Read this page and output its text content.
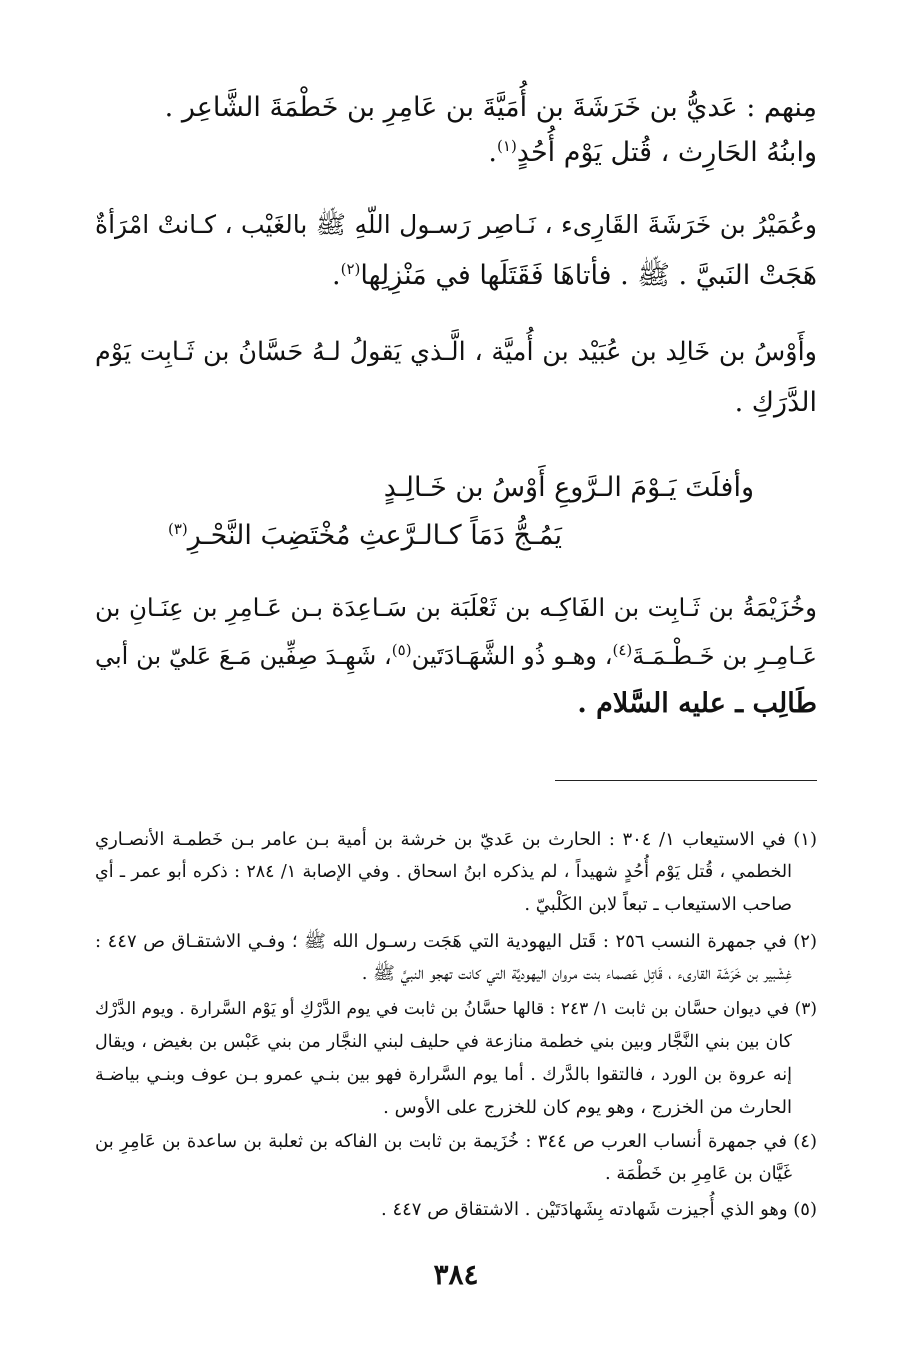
مِنهم : عَديُّ بن خَرَشَةَ بن أُمَيَّةَ بن عَامِرِ بن خَطْمَةَ الشَّاعِر .
وابنُهُ الحَارِث ، قُتل يَوْم أُحُدٍ$^{(١)}$.
وعُمَيْرُ بن خَرَشَةَ القَارِىء ، نَـاصِر رَسـول اللّهِ ﷺ بالغَيْب ، كـانتْ امْرَأةٌ
هَجَتْ النَبيَّ . ﷺ . فأتاهَا فَقَتَلَها في مَنْزِلِها$^{(٢)}$.
وأَوْسُ بن خَالِد بن عُبَيْد بن أُميَّة ، الَّـذي يَقولُ لـهُ حَسَّانُ بن ثَـابِت يَوْم
الدَّرَكِ .
وأفلَتَ يَـوْمَ الـرَّوعِ أَوْسُ بن خَـالِـدٍ
يَمُـجُّ دَمَاً كـالـرَّعثِ مُخْتَضِبَ النَّحْـرِ$^{(٣)}$
وخُزَيْمَةُ بن ثَـابِت بن الفَاكِـه بن ثَعْلَبَة بن سَـاعِدَة بـن عَـامِرِ بن عِنَـانِ بن
عَـامِـرِ بن خَـطْـمَـةَ$^{(٤)}$، وهـو ذُو الشَّهَـادَتَين$^{(٥)}$، شَهِـدَ صِفِّين مَـعَ عَليّ بن أبي
طَالِب ـ عليه السَّلام .
(١) في الاستيعاب ١/ ٣٠٤ : الحارث بن عَديّ بن خرشة بن أمية بـن عامر بـن خَطمـة الأنصـاري
الخطمي ، قُتل يَوْم أُحُدٍ شهيداً ، لم يذكره ابنُ اسحاق . وفي الإصابة ١/ ٢٨٤ : ذكره أبو عمر ـ أي
صاحب الاستيعاب ـ تبعاً لابن الكَلْبيّ .
(٢) في جمهرة النسب ٢٥٦ : قَتل اليهودية التي هَجَت رسـول الله ﷺ ؛ وفـي الاشتقـاق ص ٤٤٧ :
غِشْبير بن خَرَشَة القارىء ، قَاتِل عَصماء بنت مروان اليهوديَّة التي كانت تهجو النبيَّ ﷺ .
(٣) في ديوان حسَّان بن ثابت ١/ ٢٤٣ : قالها حسَّانُ بن ثابت في يوم الدَّرْكِ أو يَوْم السَّرارة . ويوم الدَّرْك
كان بين بني النَّجَّار وبين بني خطمة منازعة في حليف لبني النجَّار من بني عَبْس بن بغيض ، ويقال
إنه عروة بن الورد ، فالتقوا بالدَّرك . أما يوم السَّرارة فهو بين بنـي عمرو بـن عوف وبنـي بياضـة
الحارث من الخزرج ، وهو يوم كان للخزرج على الأوس .
(٤) في جمهرة أنساب العرب ص ٣٤٤ : خُزَيمة بن ثابت بن الفاكه بن ثعلبة بن ساعدة بن عَامِرِ بن
غَيَّان بن عَامِرِ بن خَطْمَة .
(٥) وهو الذي أُجيزت شَهادته بِشَهادَتَيْن . الاشتقاق ص ٤٤٧ .
٣٨٤
